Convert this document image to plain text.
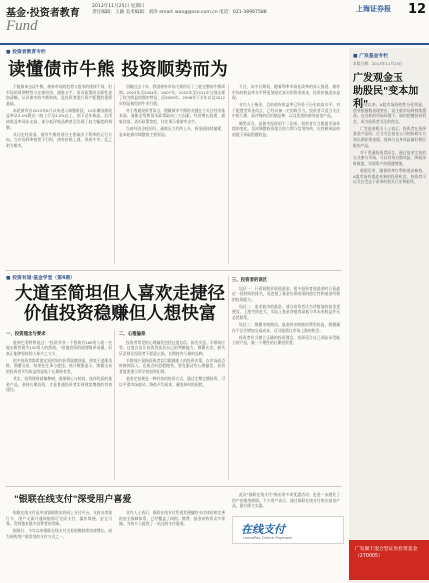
基金·投资者教育
Fund
2013年11月25日 星期日
责任编辑：王颖 美术编辑：刘涛 email: wang@sse.com.cn 电话：021-38967588	上海证券报 12
■ 投资者教育专栏
读懂债市牛熊 投资顺势而为

不能简单去谈牛熊，债券市场的趋势与股市的规律不同，但市场的周期特性与宏观经济、通胀水平、货币政策的关联性更加清晰。认识债市的牛熊转换，是投资者进行资产配置的重要基础。

本轮债市自2013年6月以来进入调整阶段，10年期国债收益率从3.4%附近一路上行至4.5%以上，创下近年新高。信用债收益率同步走高，部分低评级品种甚至出现了较大幅度的调整。

从历史经验看，债市牛熊的划分主要取决于利率的运行方向。当市场利率持续下行时，债券价格上涨，形成牛市；反之则为熊市。

回顾过去十年，我国债券市场大致经历了三轮完整的牛熊周期。2003年至2004年、2007年、2010年至2011年分别出现了较为明显的熊市特征，而2005年、2008年下半年以及2012年则是典型的牛市行情。

对于普通投资者而言，理解债市牛熊的关键在于关注经济基本面、通胀走势和货币政策取向三大因素。经济增长放缓、通胀回落、货币政策宽松，往往预示着债市走牛。

当前经济企稳回升，通胀压力有所上升，资金面持续偏紧，是本轮债市调整的主要原因。

不过，从中长期看，随着利率市场化改革的深入推进，债券市场的收益率水平将更加贴近真实的资金成本，投资价值逐步显现。

业内人士指出，目前债券收益率已经处于历史较高水平，对于配置型资金而言，已经具备一定的吸引力。投资者可适当关注中短久期、高评级的信用债品种，以及优质的债券基金产品。

顺势而为，是债市投资的不二法则。投资者应当根据市场环境的变化，及时调整投资组合的久期与信用结构，在控制风险的前提下获取稳健收益。

■ 投资有道·基金学堂（第4期）
大道至简坦但人喜欢走捷径
价值投资稳赚但人想快富
三、投资者的误区

误区一：只看短期业绩选基金。很多投资者选基金时只看最近一段时间的排名，而忽视了基金长期业绩的稳定性和基金经理的投资能力。

误区二：追求低净值基金。部分投资者认为净值低的基金更便宜，上涨空间更大，实际上基金净值的高低与其未来收益并无必然联系。

误区三：频繁申购赎回。基金的申购赎回费用较高，频繁操作不仅会增加交易成本，还可能错过市场上涨的机会。

投资者应当树立正确的投资理念，选择适合自己风险承受能力的产品，做一个理性的长期投资者。

一、投资理念与要求

股神巴菲特曾说过："投资并非一个智商为160的人就一定能击败智商为130的人的游戏。"价值投资的道理简单易懂，但真正能够坚持的人却少之又少。

很多投资者都希望在短时间内获得高额回报，热衷于追涨杀跌、频繁交易，结果往往事与愿违。统计数据显示，频繁交易的投资者平均收益明显低于长期持有者。

其实，投资理财就像种树，需要耐心与时间。选择优质的基金产品，坚持长期投资，才是普通投资者实现财富增值的有效途径。

二、心理偏差

投资者常见的心理偏差包括过度自信、损失厌恶、羊群效应等。过度自信让投资者高估自己的判断能力，频繁买卖；损失厌恶则让投资者不愿意止损，长期持有亏损的品种。

羊群效应是指投资者盲目跟随他人的投资决策，在市场高点时蜂拥而入，在低点时恐慌抛售。要克服这些心理偏差，投资者需要建立科学的投资纪律。

基金定投便是一种有效的投资方式，通过定期定额投资，可以平滑市场波动，降低平均成本，避免择时的困扰。

"银联在线支付"深受用户喜爱

银联在线支付是中国银联推出的网上支付平台，支持各类银行卡，用户无需开通网银即可完成支付，操作简便、安全可靠，受到越来越多消费者的青睐。

据统计，今年以来银联在线支付交易规模持续快速增长，成为网购用户最常用的支付方式之一。

业内人士表示，银联在线支付凭借其便捷的支付体验和完善的安全保障体系，已经覆盖了网购、缴费、基金申购等众多领域，为持卡人提供了一站式的支付服务。

此次"银联在线支付"推出的多项优惠活动，更进一步激发了用户的使用热情。不少用户表示，通过银联在线支付购买基金产品，既方便又实惠。

在线支付
UnionPay Online Payment
■ 广发基金专栏
本版日期：2013年11月25日
广发观金玉
助股民"变本加利"

今年以来，A股市场结构性分化明显，创业板指数表现突出，而主板市场则持续震荡。在这样的市场环境下，如何把握投资机会，成为投资者关注的焦点。

广发基金相关人士表示，投资者在选择基金产品时，应当关注基金公司的投研实力和长期业绩表现，选择与自身风险偏好相匹配的产品。

对于普通投资者而言，通过基金定投的方式参与市场，可以有效分散风险，降低择时难度，实现资产的稳健增值。

展望后市，随着改革红利的逐步释放，A股市场有望迎来新的投资机会。投资者可以关注受益于改革的相关行业和板块。

广发聚丰混合型证券投资基金（270005）
